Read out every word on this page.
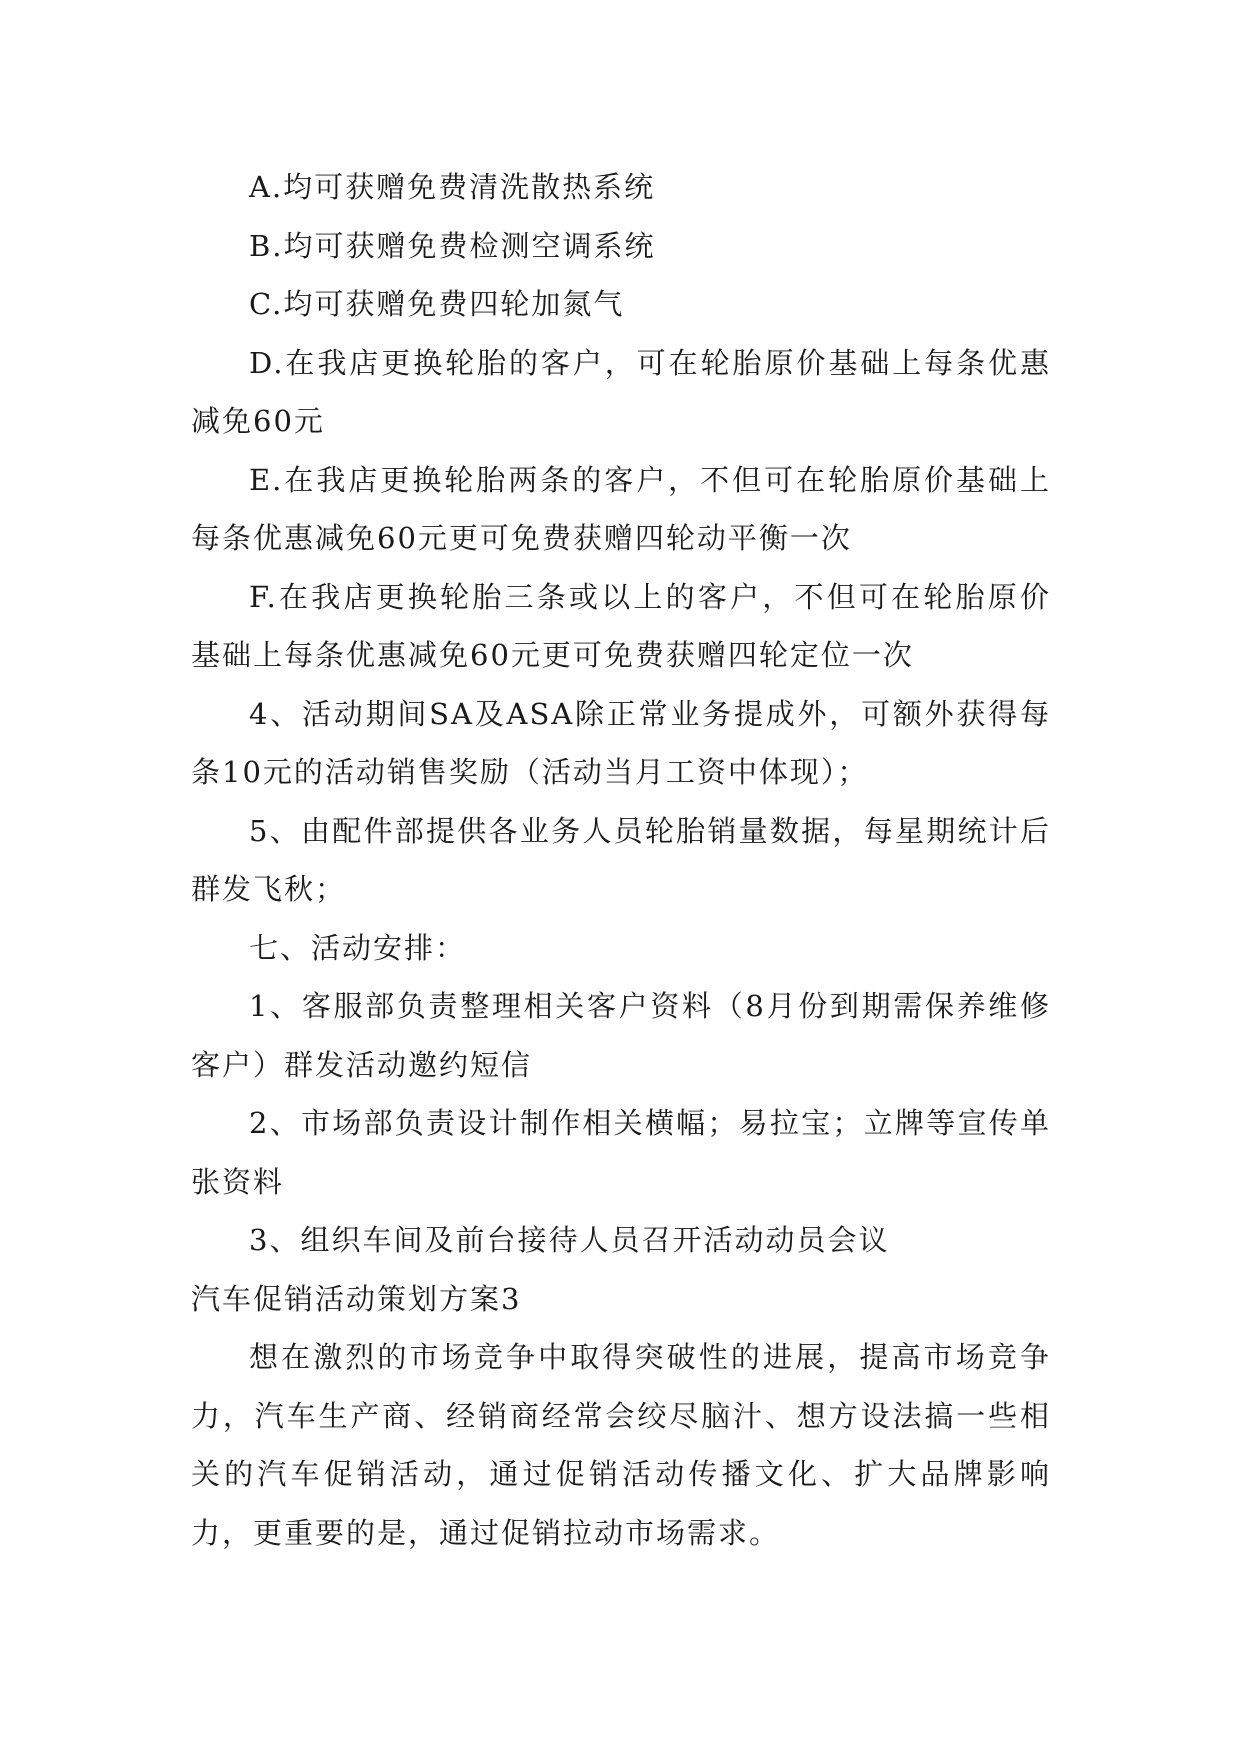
A.均可获赠免费清洗散热系统

B.均可获赠免费检测空调系统

C.均可获赠免费四轮加氮气

D.在我店更换轮胎的客户，可在轮胎原价基础上每条优惠减免60元

E.在我店更换轮胎两条的客户，不但可在轮胎原价基础上每条优惠减免60元更可免费获赠四轮动平衡一次

F.在我店更换轮胎三条或以上的客户，不但可在轮胎原价基础上每条优惠减免60元更可免费获赠四轮定位一次

4、活动期间SA及ASA除正常业务提成外，可额外获得每条10元的活动销售奖励（活动当月工资中体现）；

5、由配件部提供各业务人员轮胎销量数据，每星期统计后群发飞秋；

七、活动安排：

1、客服部负责整理相关客户资料（8月份到期需保养维修客户）群发活动邀约短信

2、市场部负责设计制作相关横幅；易拉宝；立牌等宣传单张资料

3、组织车间及前台接待人员召开活动动员会议

汽车促销活动策划方案3

想在激烈的市场竞争中取得突破性的进展，提高市场竞争力，汽车生产商、经销商经常会绞尽脑汁、想方设法搞一些相关的汽车促销活动，通过促销活动传播文化、扩大品牌影响力，更重要的是，通过促销拉动市场需求。
